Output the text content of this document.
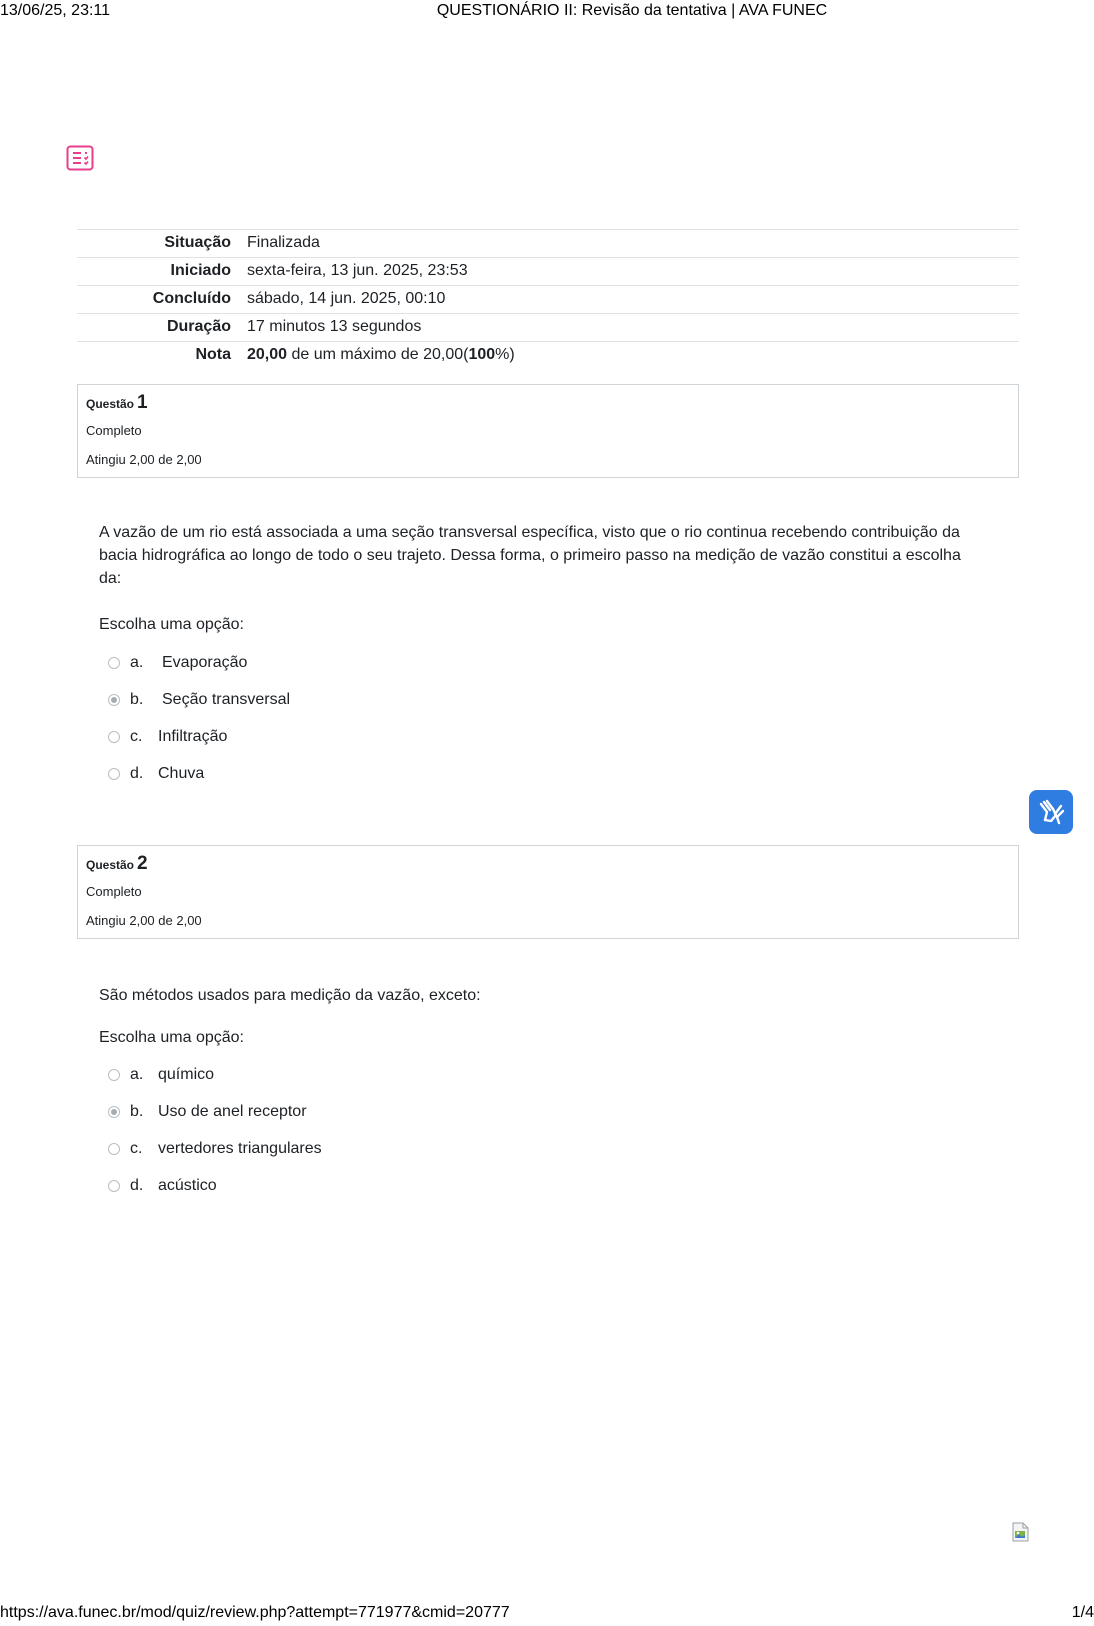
13/06/25, 23:11	QUESTIONÁRIO II: Revisão da tentativa | AVA FUNEC
Situação	Finalizada
Iniciado	sexta-feira, 13 jun. 2025, 23:53
Concluído	sábado, 14 jun. 2025, 00:10
Duração	17 minutos 13 segundos
Nota	20,00 de um máximo de 20,00(100%)
Questão 1
Completo
Atingiu 2,00 de 2,00
A vazão de um rio está associada a uma seção transversal específica, visto que o rio continua recebendo contribuição da bacia hidrográfica ao longo de todo o seu trajeto. Dessa forma, o primeiro passo na medição de vazão constitui a escolha da:
Escolha uma opção:
a.	Evaporação
b.	Seção transversal
c. Infiltração
d. Chuva
Questão 2
Completo
Atingiu 2,00 de 2,00
São métodos usados para medição da vazão, exceto:
Escolha uma opção:
a. químico
b. Uso de anel receptor
c. vertedores triangulares
d. acústico
https://ava.funec.br/mod/quiz/review.php?attempt=771977&cmid=20777	1/4
